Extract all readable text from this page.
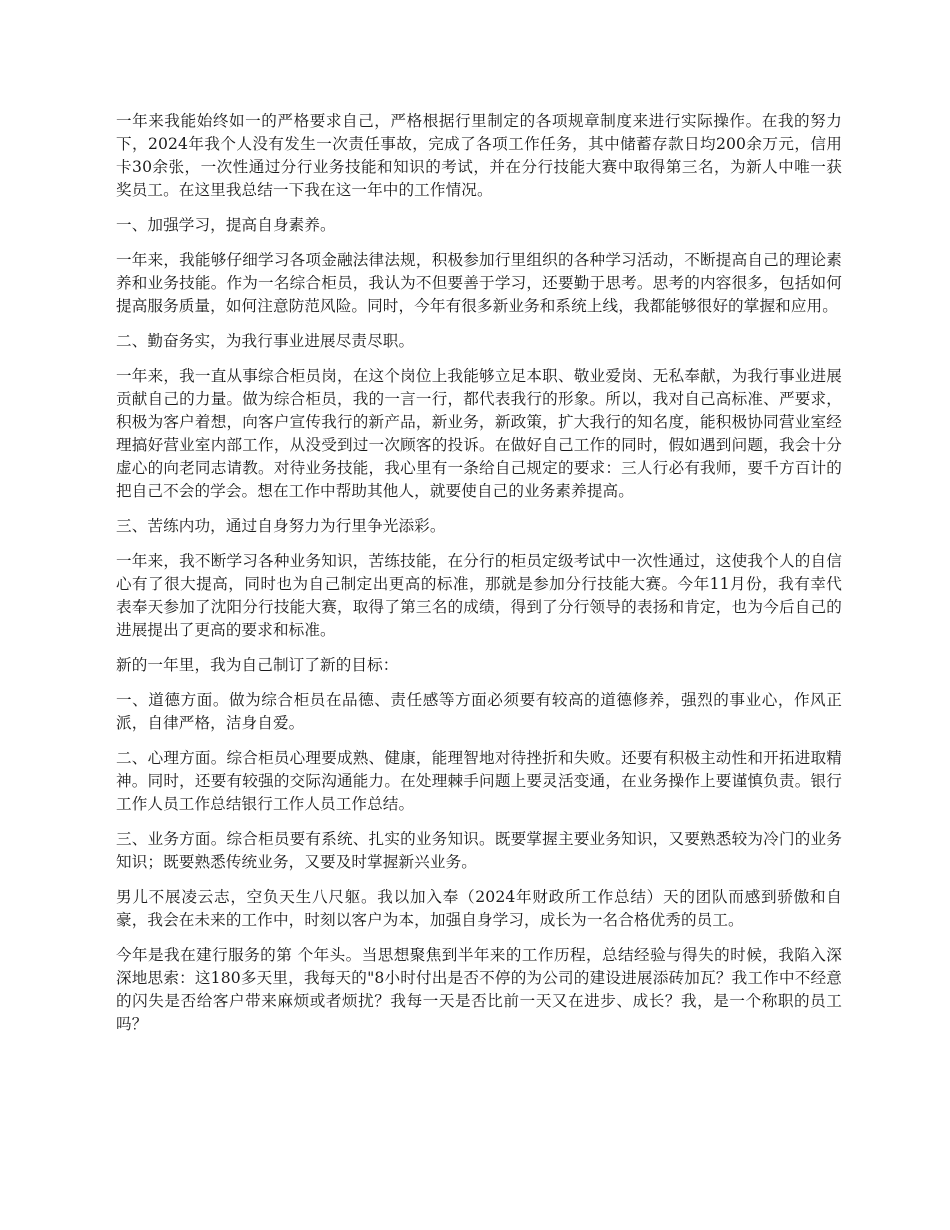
一年来我能始终如一的严格要求自己，严格根据行里制定的各项规章制度来进行实际操作。在我的努力下，2024年我个人没有发生一次责任事故，完成了各项工作任务，其中储蓄存款日均200余万元，信用卡30余张，一次性通过分行业务技能和知识的考试，并在分行技能大赛中取得第三名，为新人中唯一获奖员工。在这里我总结一下我在这一年中的工作情况。

一、加强学习，提高自身素养。

一年来，我能够仔细学习各项金融法律法规，积极参加行里组织的各种学习活动，不断提高自己的理论素养和业务技能。作为一名综合柜员，我认为不但要善于学习，还要勤于思考。思考的内容很多，包括如何提高服务质量，如何注意防范风险。同时，今年有很多新业务和系统上线，我都能够很好的掌握和应用。

二、勤奋务实，为我行事业进展尽责尽职。

一年来，我一直从事综合柜员岗，在这个岗位上我能够立足本职、敬业爱岗、无私奉献，为我行事业进展贡献自己的力量。做为综合柜员，我的一言一行，都代表我行的形象。所以，我对自己高标准、严要求，积极为客户着想，向客户宣传我行的新产品，新业务，新政策，扩大我行的知名度，能积极协同营业室经理搞好营业室内部工作，从没受到过一次顾客的投诉。在做好自己工作的同时，假如遇到问题，我会十分虚心的向老同志请教。对待业务技能，我心里有一条给自己规定的要求：三人行必有我师，要千方百计的把自己不会的学会。想在工作中帮助其他人，就要使自己的业务素养提高。

三、苦练内功，通过自身努力为行里争光添彩。

一年来，我不断学习各种业务知识，苦练技能，在分行的柜员定级考试中一次性通过，这使我个人的自信心有了很大提高，同时也为自己制定出更高的标准，那就是参加分行技能大赛。今年11月份，我有幸代表奉天参加了沈阳分行技能大赛，取得了第三名的成绩，得到了分行领导的表扬和肯定，也为今后自己的进展提出了更高的要求和标准。

新的一年里，我为自己制订了新的目标：

一、道德方面。做为综合柜员在品德、责任感等方面必须要有较高的道德修养，强烈的事业心，作风正派，自律严格，洁身自爱。

二、心理方面。综合柜员心理要成熟、健康，能理智地对待挫折和失败。还要有积极主动性和开拓进取精神。同时，还要有较强的交际沟通能力。在处理棘手问题上要灵活变通，在业务操作上要谨慎负责。银行工作人员工作总结银行工作人员工作总结。

三、业务方面。综合柜员要有系统、扎实的业务知识。既要掌握主要业务知识，又要熟悉较为冷门的业务知识；既要熟悉传统业务，又要及时掌握新兴业务。

男儿不展凌云志，空负天生八尺躯。我以加入奉（2024年财政所工作总结）天的团队而感到骄傲和自豪，我会在未来的工作中，时刻以客户为本，加强自身学习，成长为一名合格优秀的员工。

今年是我在建行服务的第 个年头。当思想聚焦到半年来的工作历程，总结经验与得失的时候，我陷入深深地思索：这180多天里，我每天的"8小时付出是否不停的为公司的建设进展添砖加瓦？我工作中不经意的闪失是否给客户带来麻烦或者烦扰？我每一天是否比前一天又在进步、成长？我，是一个称职的员工吗？
